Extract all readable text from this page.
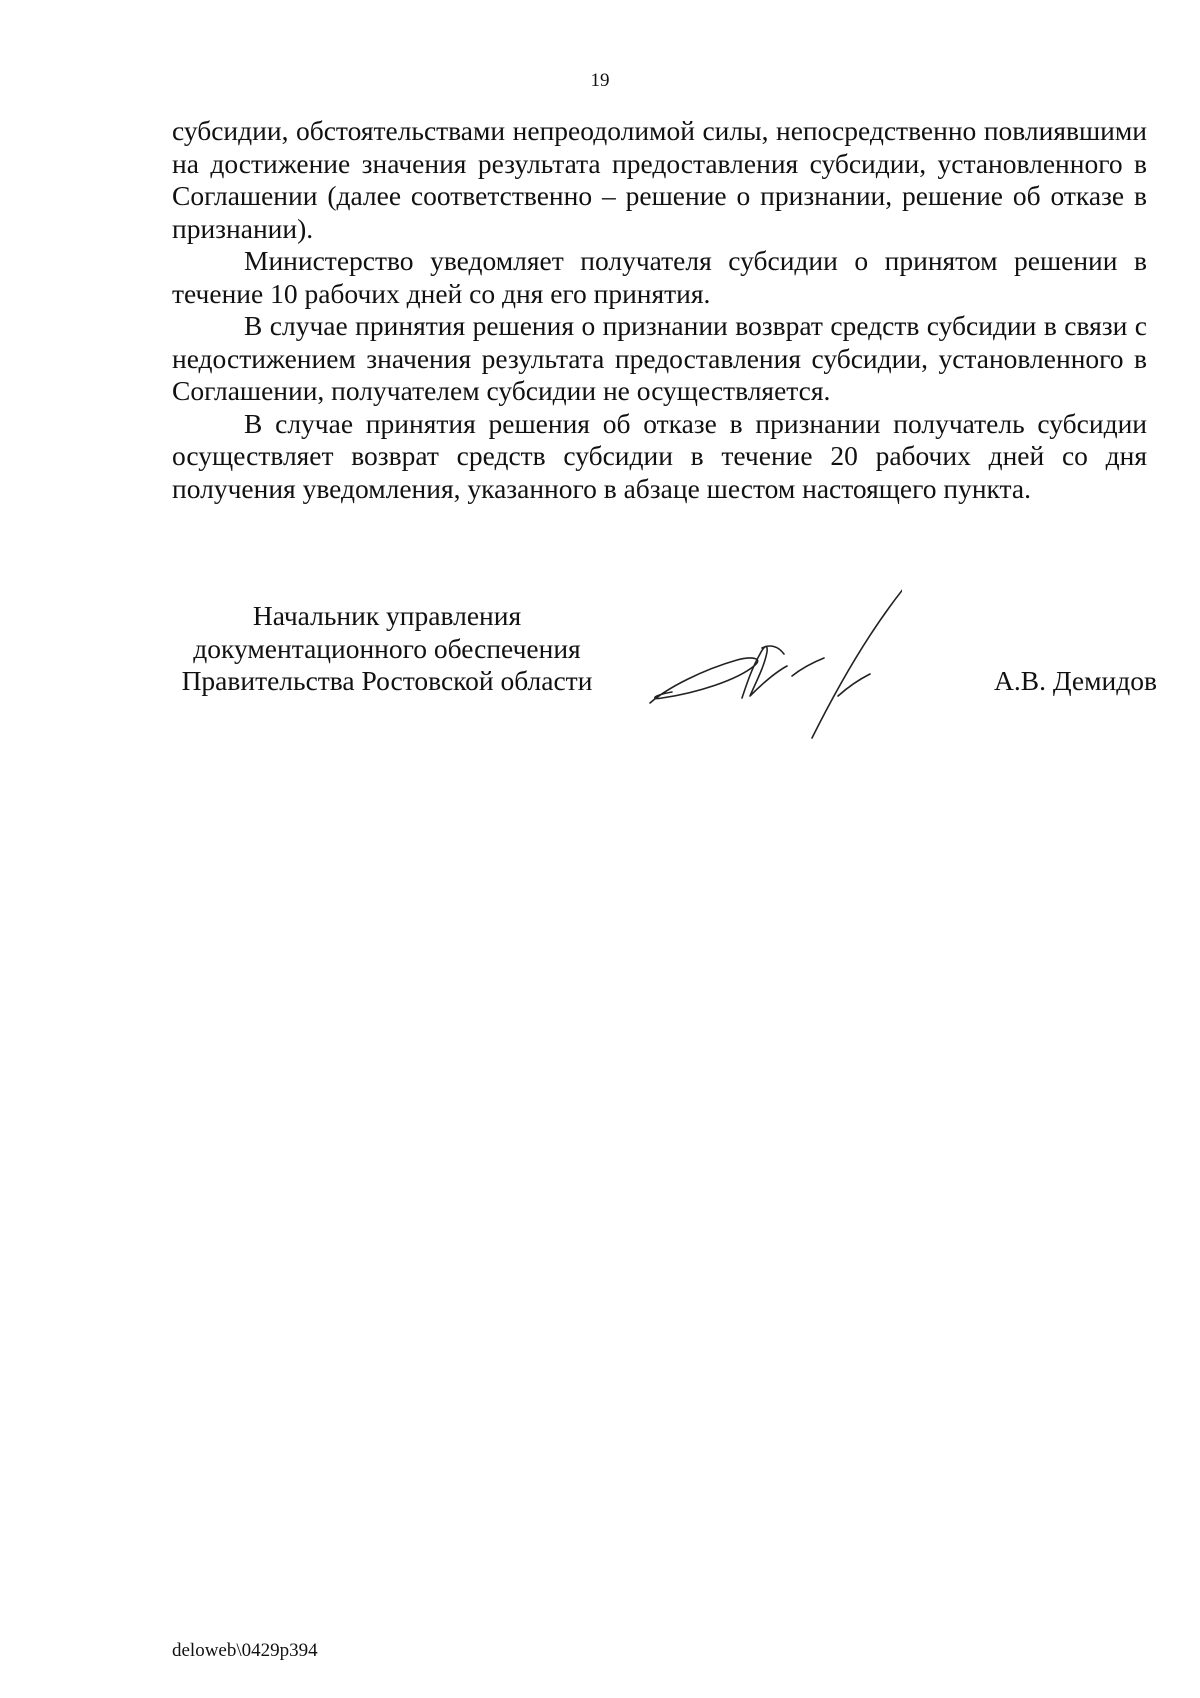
19

субсидии, обстоятельствами непреодолимой силы, непосредственно повлиявшими на достижение значения результата предоставления субсидии, установленного в Соглашении (далее соответственно – решение о признании, решение об отказе в признании).

Министерство уведомляет получателя субсидии о принятом решении в течение 10 рабочих дней со дня его принятия.

В случае принятия решения о признании возврат средств субсидии в связи с недостижением значения результата предоставления субсидии, установленного в Соглашении, получателем субсидии не осуществляется.

В случае принятия решения об отказе в признании получатель субсидии осуществляет возврат средств субсидии в течение 20 рабочих дней со дня получения уведомления, указанного в абзаце шестом настоящего пункта.

Начальник управления
документационного обеспечения
Правительства Ростовской области	А.В. Демидов
deloweb\0429p394
